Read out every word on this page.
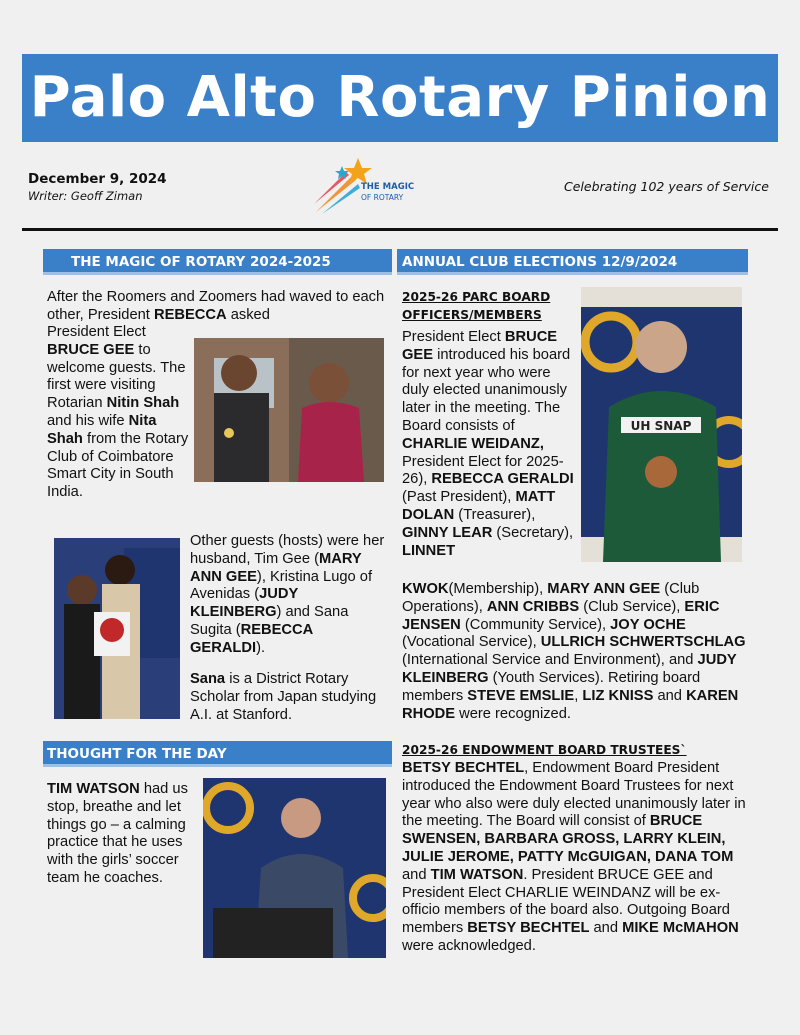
Palo Alto Rotary Pinion
December 9, 2024
Writer: Geoff Ziman
Celebrating 102 years of Service
THE MAGIC
OF ROTARY
THE MAGIC OF ROTARY 2024-2025	ANNUAL CLUB ELECTIONS 12/9/2024
THOUGHT FOR THE DAY
After the Roomers and Zoomers had waved to each other, President REBECCA asked
President Elect BRUCE GEE to welcome guests. The first were visiting Rotarian Nitin Shah and his wife Nita Shah from the Rotary Club of Coimbatore Smart City in South India.
Other guests (hosts) were her husband, Tim Gee (MARY ANN GEE), Kristina Lugo of Avenidas (JUDY KLEINBERG) and Sana Sugita (REBECCA GERALDI).
Sana is a District Rotary Scholar from Japan studying A.I. at Stanford.
TIM WATSON had us stop, breathe and let things go – a calming practice that he uses with the girls’ soccer team he coaches.
2025-26 PARC BOARD OFFICERS/MEMBERS
UH SNAP
President Elect BRUCE GEE introduced his board for next year who were duly elected unanimously later in the meeting. The Board consists of CHARLIE WEIDANZ, President Elect for 2025-26), REBECCA GERALDI (Past President), MATT DOLAN (Treasurer), GINNY LEAR (Secretary), LINNET
KWOK(Membership), MARY ANN GEE (Club Operations), ANN CRIBBS (Club Service), ERIC JENSEN (Community Service), JOY OCHE (Vocational Service), ULLRICH SCHWERTSCHLAG (International Service and Environment), and JUDY KLEINBERG (Youth Services). Retiring board members STEVE EMSLIE, LIZ KNISS and KAREN RHODE were recognized.
2025-26 ENDOWMENT BOARD TRUSTEES`
BETSY BECHTEL, Endowment Board President introduced the Endowment Board Trustees for next year who also were duly elected unanimously later in the meeting. The Board will consist of BRUCE SWENSEN, BARBARA GROSS, LARRY KLEIN, JULIE JEROME, PATTY McGUIGAN, DANA TOM and TIM WATSON. President BRUCE GEE and President Elect CHARLIE WEINDANZ will be ex-officio members of the board also. Outgoing Board members BETSY BECHTEL and MIKE McMAHON were acknowledged.
